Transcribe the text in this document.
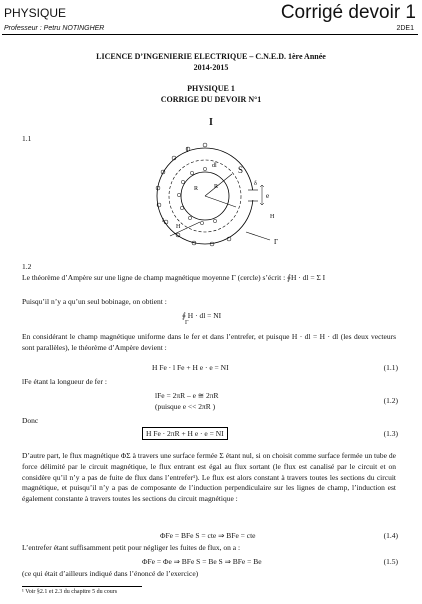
PHYSIQUE	Corrigé devoir 1
Professeur : Petru NOTINGHER	2DE1
LICENCE D’INGENIERIE ELECTRIQUE – C.N.E.D. 1ère Année
2014-2015
PHYSIQUE 1
CORRIGE DU DEVOIR N°1
I
1.1
I
dl S
R
R
e
δ
H
I
H
Γ
1.2
Le théorème d’Ampère sur une ligne de champ magnétique moyenne Γ (cercle) s’écrit : ∮H · dl = Σ I
Puisqu’il n’y a qu’un seul bobinage, on obtient :
∮ H · dl = NI
Γ
En considérant le champ magnétique uniforme dans le fer et dans l’entrefer, et puisque H · dl = H · dl (les deux vecteurs sont parallèles), le théorème d’Ampère devient :
H Fe · l Fe + H e · e = NI	(1.1)
lFe étant la longueur de fer :
lFe = 2πR – e ≅ 2πR
(puisque e << 2πR )
(1.2)
Donc
H Fe · 2πR + H e · e = NI	(1.3)
D’autre part, le flux magnétique ΦΣ à travers une surface fermée Σ étant nul, si on choisit comme surface fermée un tube de force délimité par le circuit magnétique, le flux entrant est égal au flux sortant (le flux est canalisé par le circuit et on considère qu’il n’y a pas de fuite de flux dans l’entrefer¹). Le flux est alors constant à travers toutes les sections du circuit magnétique, et puisqu’il n’y a pas de composante de l’induction perpendiculaire sur les lignes de champ, l’induction est également constante à travers toutes les sections du circuit magnétique :
ΦFe = BFe S = cte ⇒ BFe = cte	(1.4)
L’entrefer étant suffisamment petit pour négliger les fuites de flux, on a :
ΦFe = Φe ⇒ BFe S = Be S ⇒ BFe = Be	(1.5)
(ce qui était d’ailleurs indiqué dans l’énoncé de l’exercice)
¹ Voir §2.1 et 2.3 du chapitre 5 du cours
